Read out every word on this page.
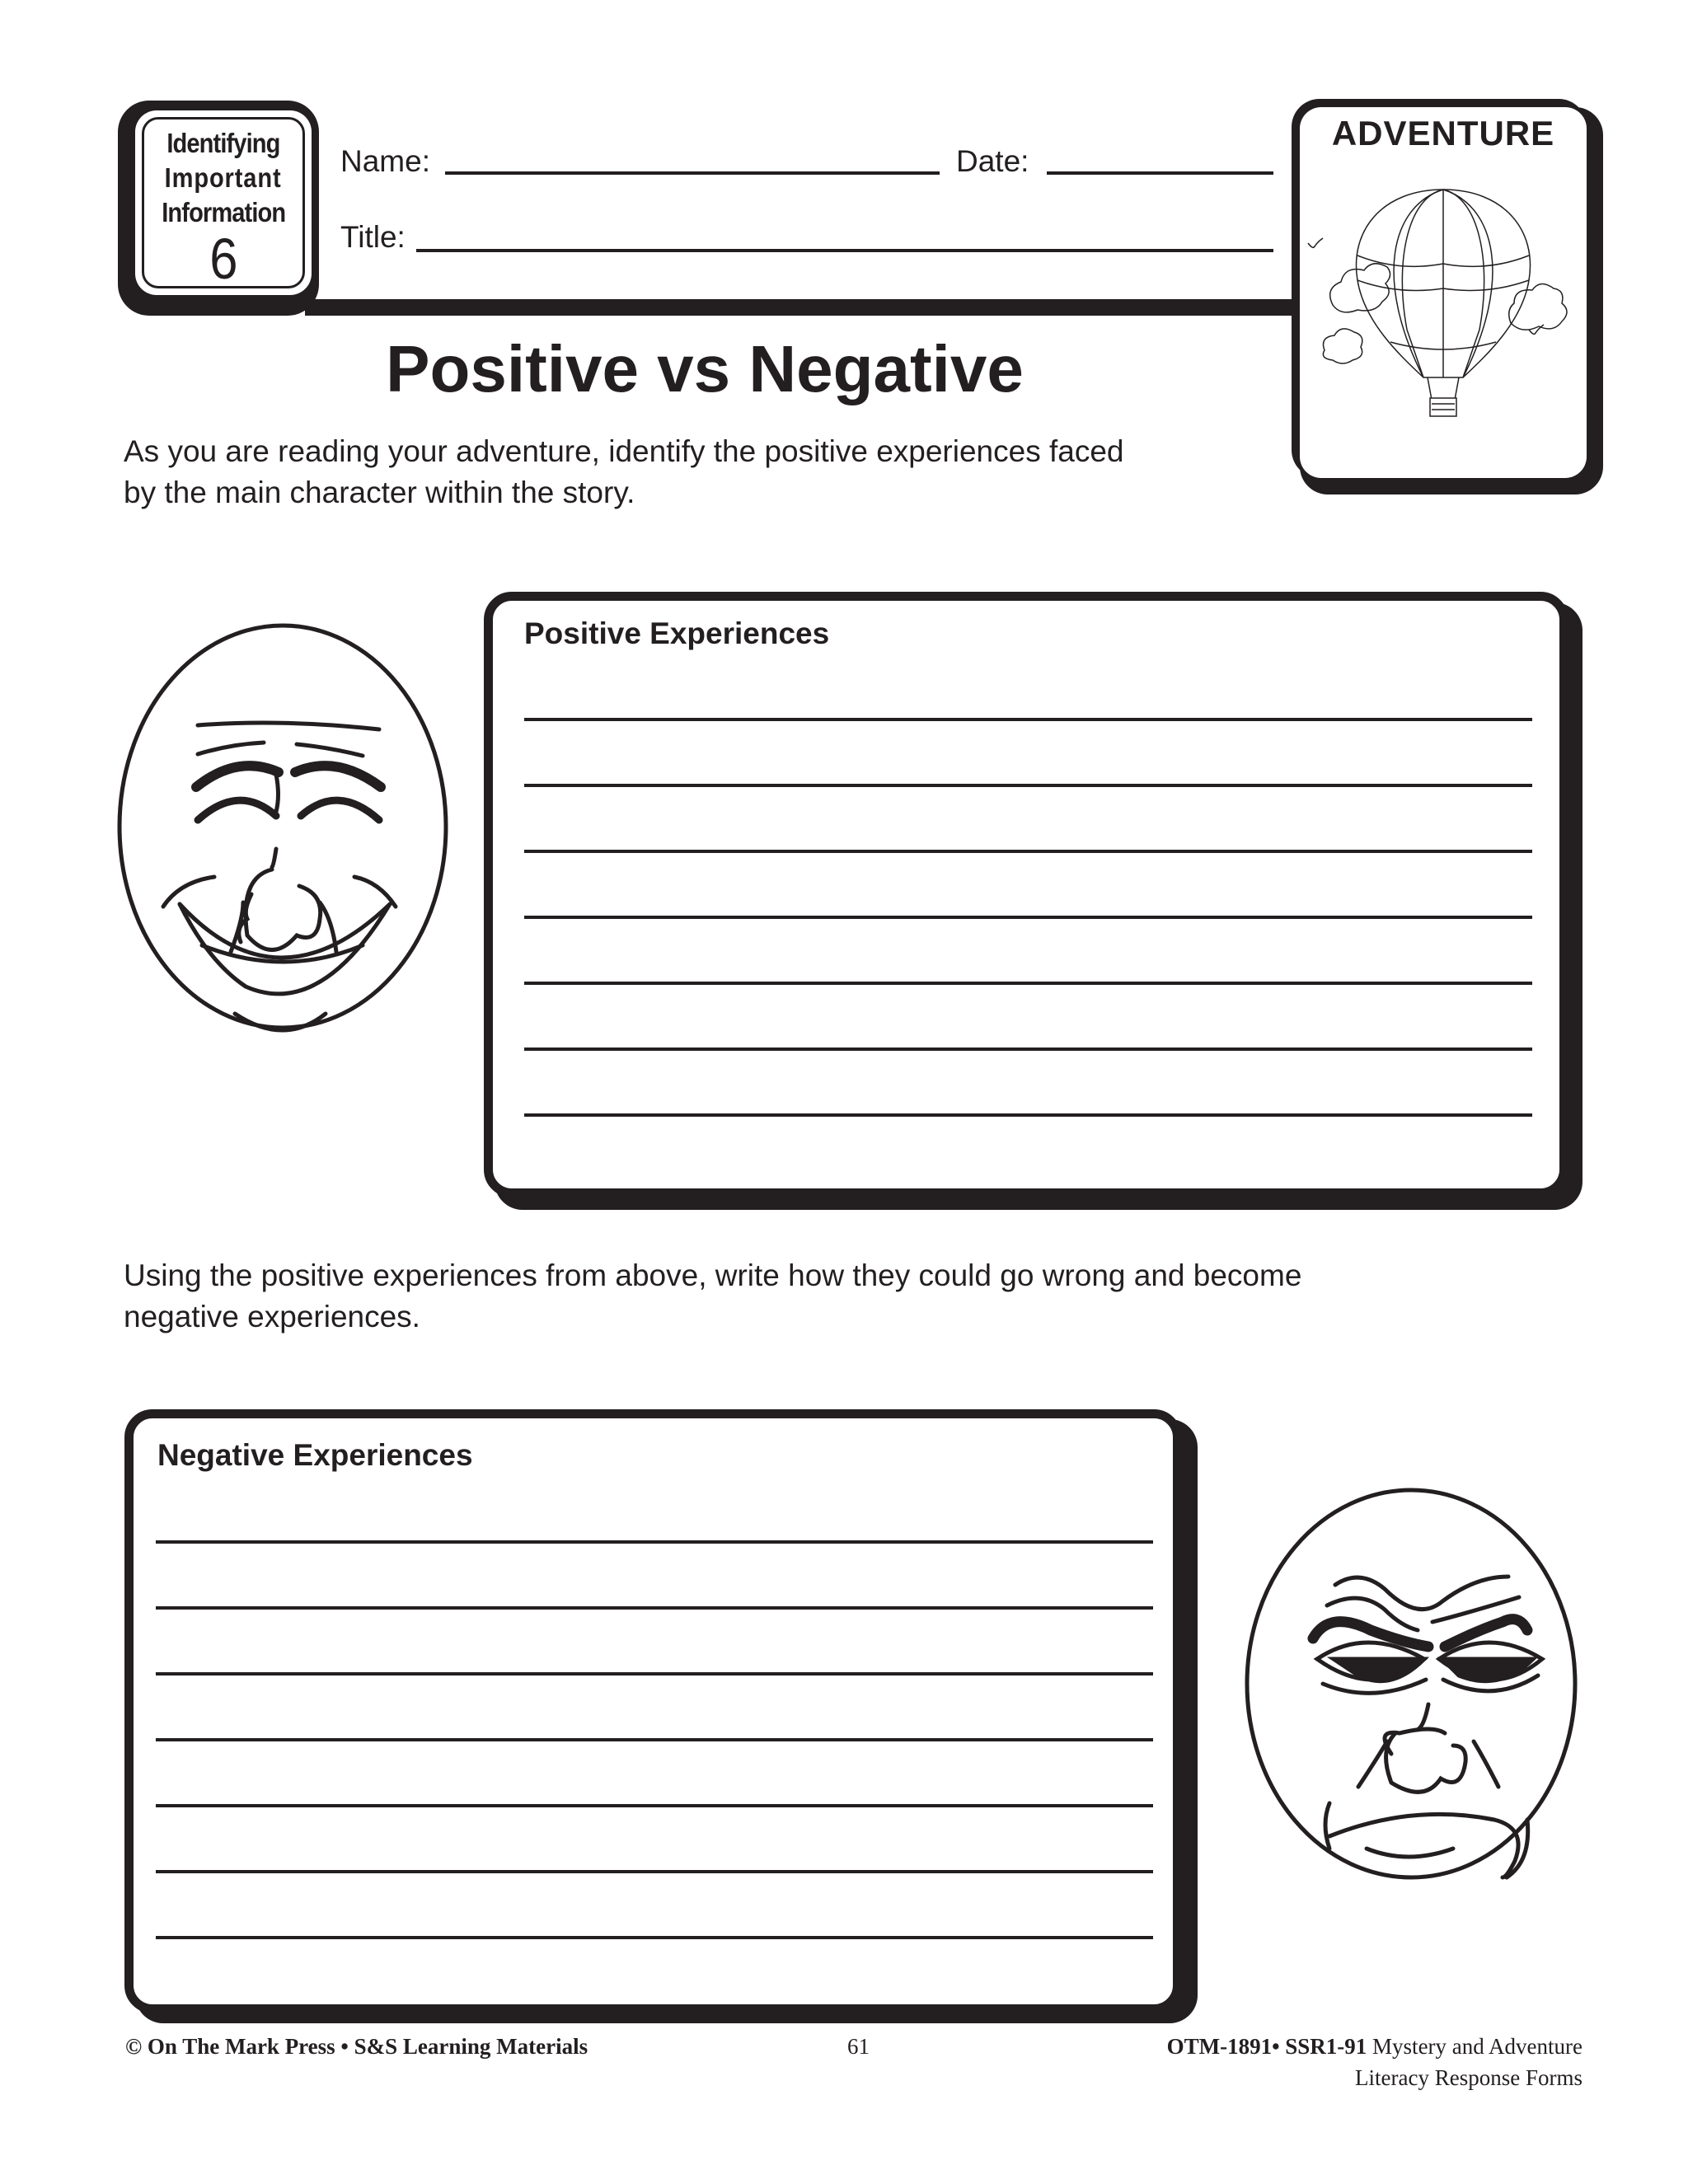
Identifying
Important
Information
6
Name:	Date:
Title:
ADVENTURE
Positive vs Negative
As you are reading your adventure, identify the positive experiences faced
by the main character within the story.
Positive Experiences
Using the positive experiences from above, write how they could go wrong and become
negative experiences.
Negative Experiences
© On The Mark Press • S&S Learning Materials	61	OTM-1891• SSR1-91 Mystery and Adventure
Literacy Response Forms
